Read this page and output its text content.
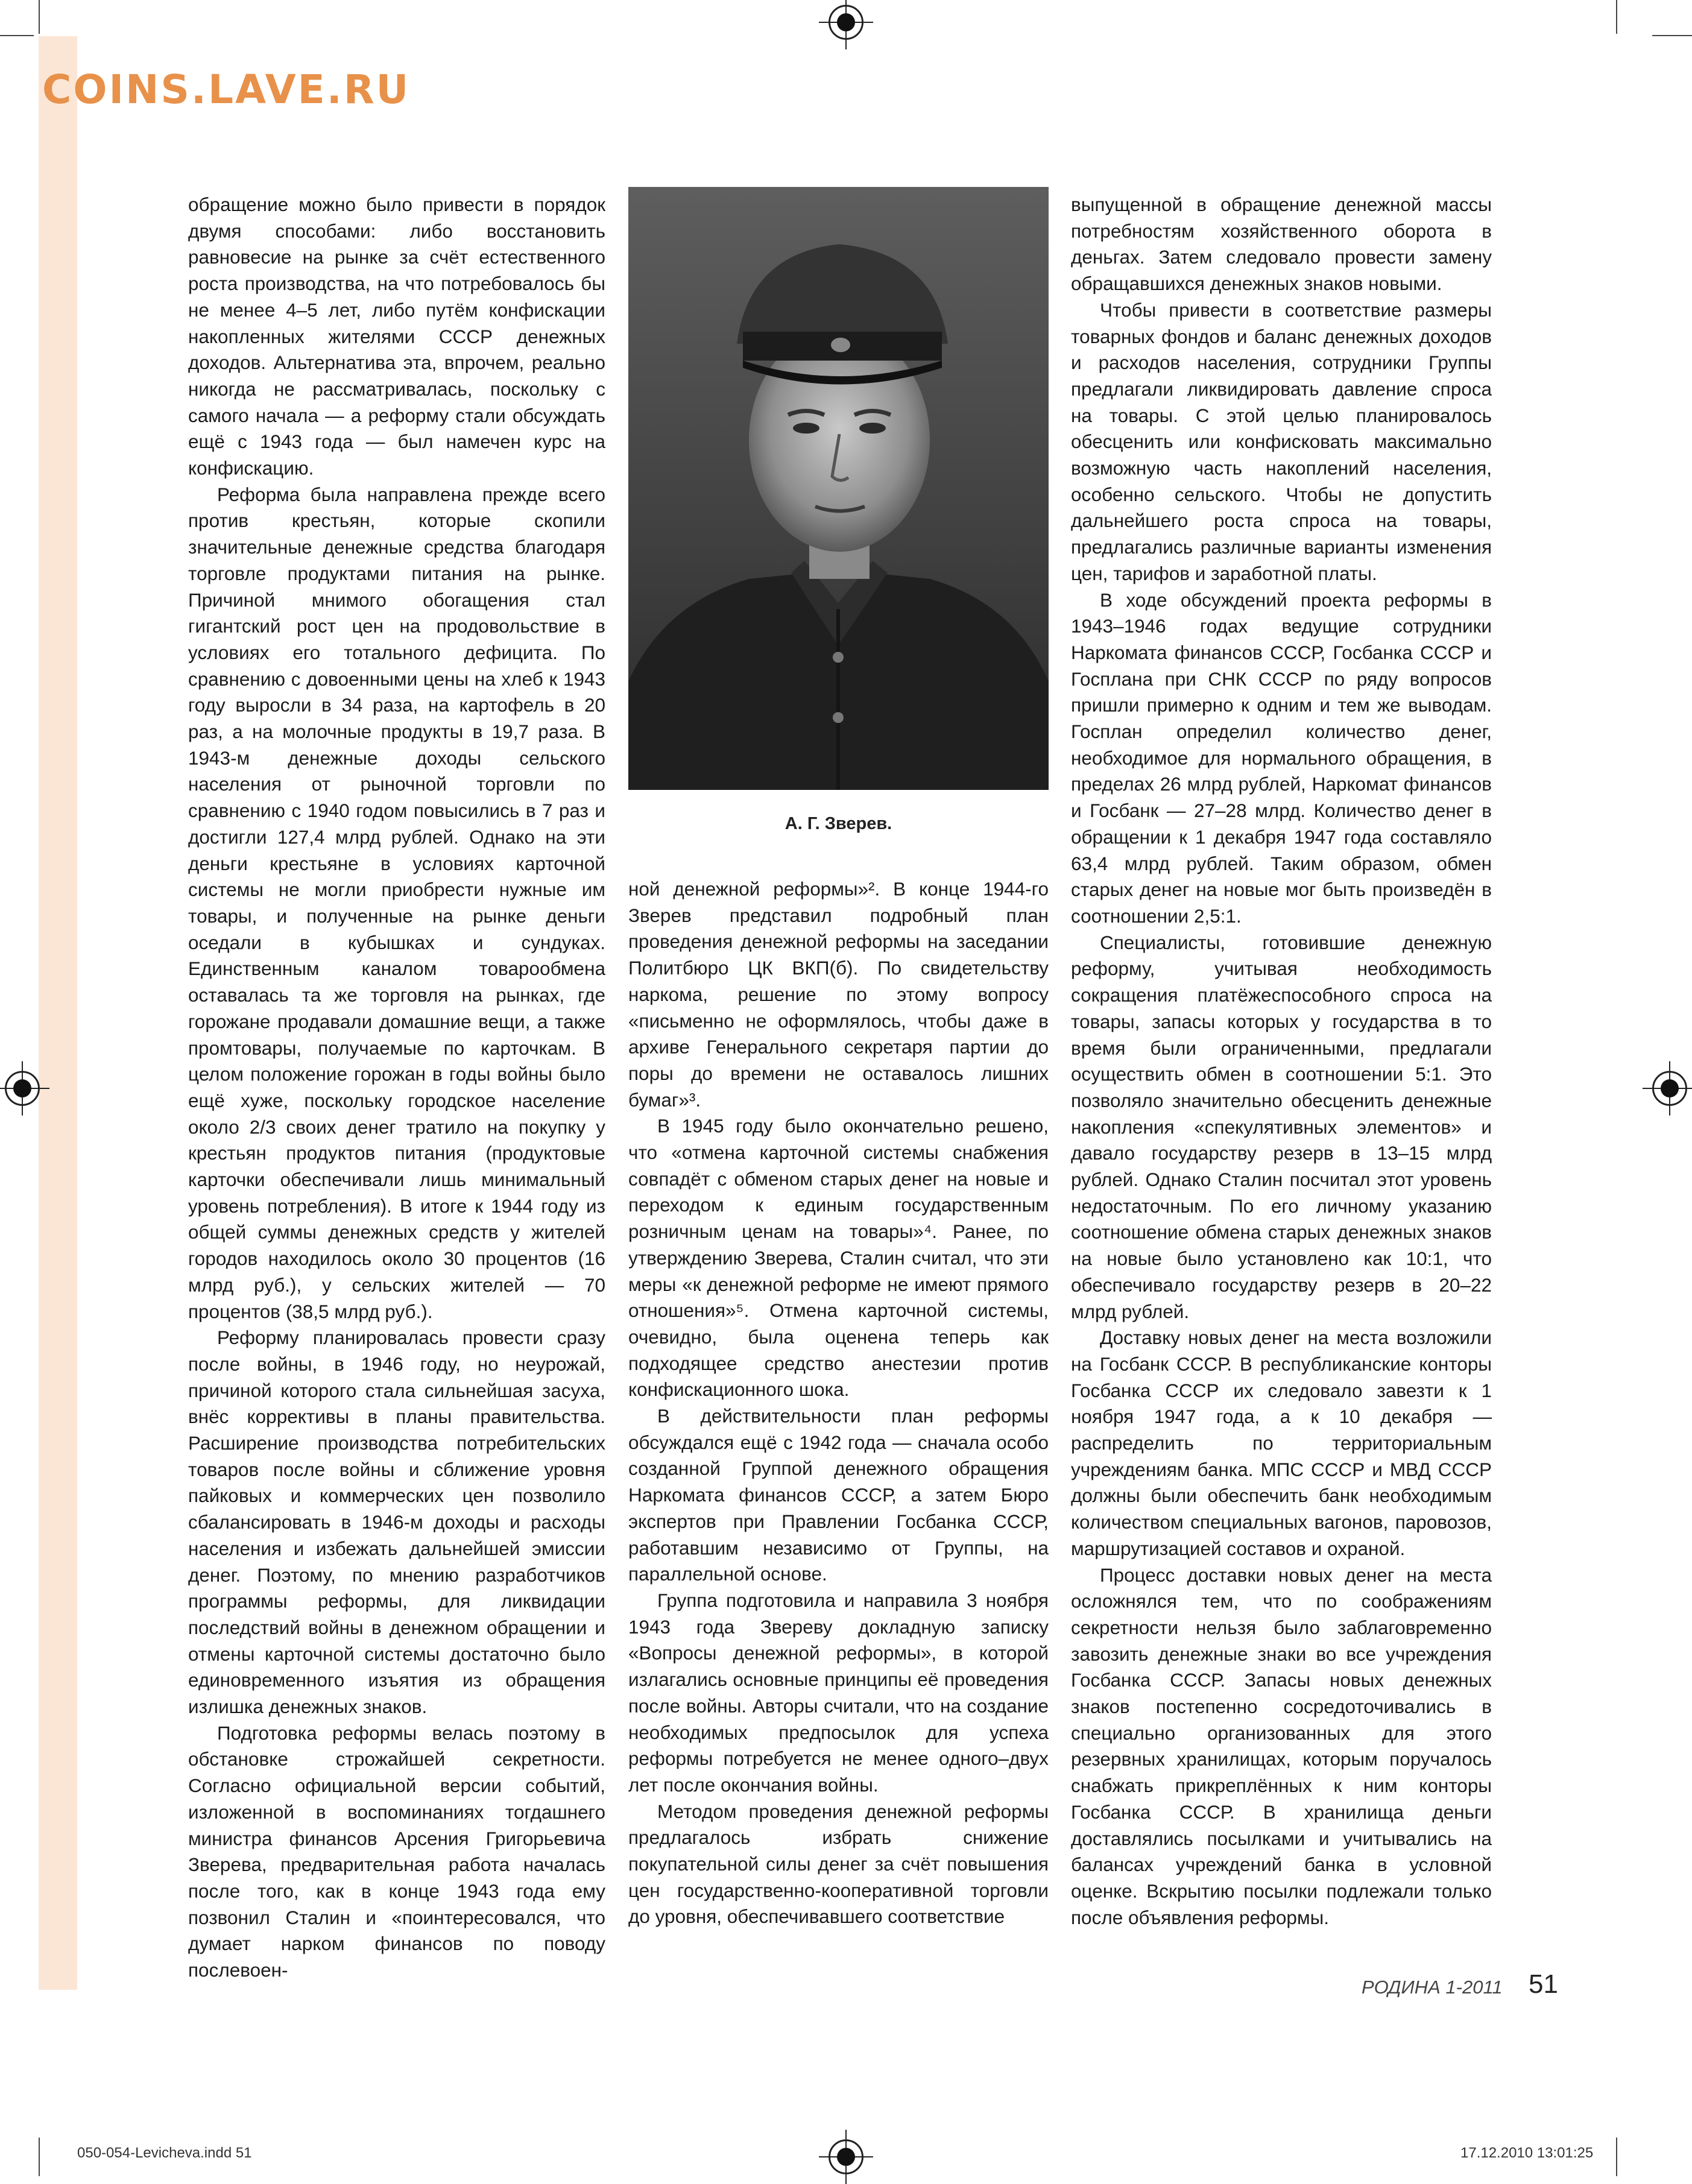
COINS.LAVE.RU

обращение можно было привести в порядок двумя способами: либо восстановить равновесие на рынке за счёт естественного роста производства, на что потребовалось бы не менее 4–5 лет, либо путём конфискации накопленных жителями СССР денежных доходов. Альтернатива эта, впрочем, реально никогда не рассматривалась, поскольку с самого начала — а реформу стали обсуждать ещё с 1943 года — был намечен курс на конфискацию.

Реформа была направлена прежде всего против крестьян, которые скопили значительные денежные средства благодаря торговле продуктами питания на рынке. Причиной мнимого обогащения стал гигантский рост цен на продовольствие в условиях его тотального дефицита. По сравнению с довоенными цены на хлеб к 1943 году выросли в 34 раза, на картофель в 20 раз, а на молочные продукты в 19,7 раза. В 1943-м денежные доходы сельского населения от рыночной торговли по сравнению с 1940 годом повысились в 7 раз и достигли 127,4 млрд рублей. Однако на эти деньги крестьяне в условиях карточной системы не могли приобрести нужные им товары, и полученные на рынке деньги оседали в кубышках и сундуках. Единственным каналом товарообмена оставалась та же торговля на рынках, где горожане продавали домашние вещи, а также промтовары, получаемые по карточкам. В целом положение горожан в годы войны было ещё хуже, поскольку городское население около 2/3 своих денег тратило на покупку у крестьян продуктов питания (продуктовые карточки обеспечивали лишь минимальный уровень потребления). В итоге к 1944 году из общей суммы денежных средств у жителей городов находилось около 30 процентов (16 млрд руб.), у сельских жителей — 70 процентов (38,5 млрд руб.).

Реформу планировалась провести сразу после войны, в 1946 году, но неурожай, причиной которого стала сильнейшая засуха, внёс коррективы в планы правительства. Расширение производства потребительских товаров после войны и сближение уровня пайковых и коммерческих цен позволило сбалансировать в 1946-м доходы и расходы населения и избежать дальнейшей эмиссии денег. Поэтому, по мнению разработчиков программы реформы, для ликвидации последствий войны в денежном обращении и отмены карточной системы достаточно было единовременного изъятия из обращения излишка денежных знаков.

Подготовка реформы велась поэтому в обстановке строжайшей секретности. Согласно официальной версии событий, изложенной в воспоминаниях тогдашнего министра финансов Арсения Григорьевича Зверева, предварительная работа началась после того, как в конце 1943 года ему позвонил Сталин и «поинтересовался, что думает нарком финансов по поводу послевоен-

А. Г. Зверев.

ной денежной реформы»². В конце 1944-го Зверев представил подробный план проведения денежной реформы на заседании Политбюро ЦК ВКП(б). По свидетельству наркома, решение по этому вопросу «письменно не оформлялось, чтобы даже в архиве Генерального секретаря партии до поры до времени не оставалось лишних бумаг»³.

В 1945 году было окончательно решено, что «отмена карточной системы снабжения совпадёт с обменом старых денег на новые и переходом к единым государственным розничным ценам на товары»⁴. Ранее, по утверждению Зверева, Сталин считал, что эти меры «к денежной реформе не имеют прямого отношения»⁵. Отмена карточной системы, очевидно, была оценена теперь как подходящее средство анестезии против конфискационного шока.

В действительности план реформы обсуждался ещё с 1942 года — сначала особо созданной Группой денежного обращения Наркомата финансов СССР, а затем Бюро экспертов при Правлении Госбанка СССР, работавшим независимо от Группы, на параллельной основе.

Группа подготовила и направила 3 ноября 1943 года Звереву докладную записку «Вопросы денежной реформы», в которой излагались основные принципы её проведения после войны. Авторы считали, что на создание необходимых предпосылок для успеха реформы потребуется не менее одного–двух лет после окончания войны.

Методом проведения денежной реформы предлагалось избрать снижение покупательной силы денег за счёт повышения цен государственно-кооперативной торговли до уровня, обеспечивавшего соответствие

выпущенной в обращение денежной массы потребностям хозяйственного оборота в деньгах. Затем следовало провести замену обращавшихся денежных знаков новыми.

Чтобы привести в соответствие размеры товарных фондов и баланс денежных доходов и расходов населения, сотрудники Группы предлагали ликвидировать давление спроса на товары. С этой целью планировалось обесценить или конфисковать максимально возможную часть накоплений населения, особенно сельского. Чтобы не допустить дальнейшего роста спроса на товары, предлагались различные варианты изменения цен, тарифов и заработной платы.

В ходе обсуждений проекта реформы в 1943–1946 годах ведущие сотрудники Наркомата финансов СССР, Госбанка СССР и Госплана при СНК СССР по ряду вопросов пришли примерно к одним и тем же выводам. Госплан определил количество денег, необходимое для нормального обращения, в пределах 26 млрд рублей, Наркомат финансов и Госбанк — 27–28 млрд. Количество денег в обращении к 1 декабря 1947 года составляло 63,4 млрд рублей. Таким образом, обмен старых денег на новые мог быть произведён в соотношении 2,5:1.

Специалисты, готовившие денежную реформу, учитывая необходимость сокращения платёжеспособного спроса на товары, запасы которых у государства в то время были ограниченными, предлагали осуществить обмен в соотношении 5:1. Это позволяло значительно обесценить денежные накопления «спекулятивных элементов» и давало государству резерв в 13–15 млрд рублей. Однако Сталин посчитал этот уровень недостаточным. По его личному указанию соотношение обмена старых денежных знаков на новые было установлено как 10:1, что обеспечивало государству резерв в 20–22 млрд рублей.

Доставку новых денег на места возложили на Госбанк СССР. В республиканские конторы Госбанка СССР их следовало завезти к 1 ноября 1947 года, а к 10 декабря — распределить по территориальным учреждениям банка. МПС СССР и МВД СССР должны были обеспечить банк необходимым количеством специальных вагонов, паровозов, маршрутизацией составов и охраной.

Процесс доставки новых денег на места осложнялся тем, что по соображениям секретности нельзя было заблаговременно завозить денежные знаки во все учреждения Госбанка СССР. Запасы новых денежных знаков постепенно сосредоточивались в специально организованных для этого резервных хранилищах, которым поручалось снабжать прикреплённых к ним конторы Госбанка СССР. В хранилища деньги доставлялись посылками и учитывались на балансах учреждений банка в условной оценке. Вскрытию посылки подлежали только после объявления реформы.

РОДИНА 1-2011 51
050-054-Levicheva.indd 51	17.12.2010 13:01:25
